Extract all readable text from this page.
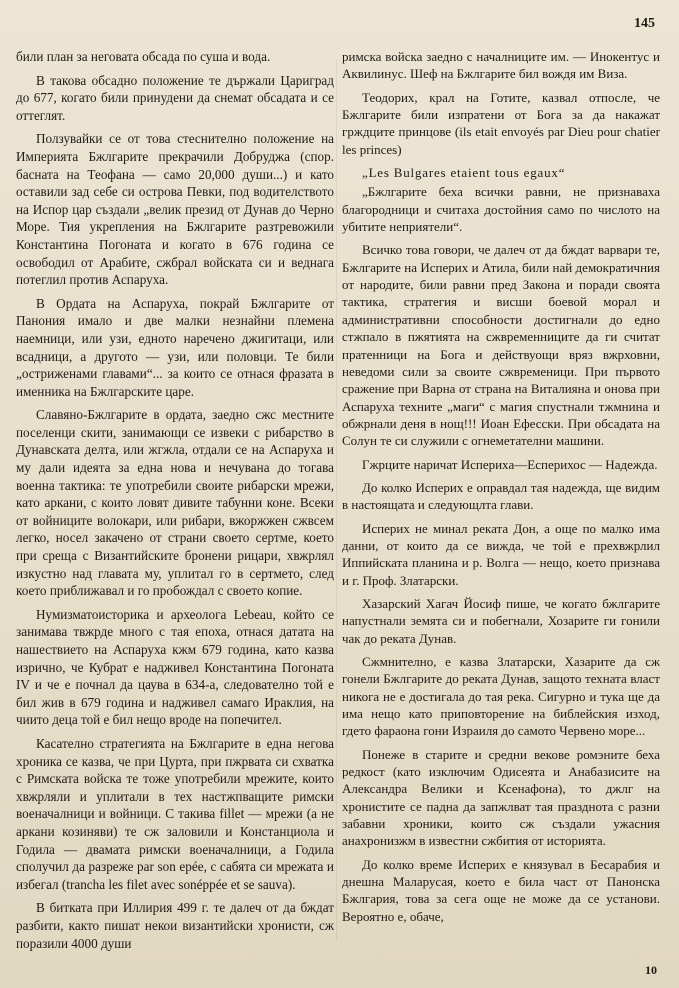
145

били план за неговата обсада по суша и вода.

В такова обсадно положение те държали Цариград до 677, когато били принудени да снемат обсадата и се оттеглят.

Ползувайки се от това стеснително положение на Империята Бжлгарите прекрачили Добруджа (спор. басната на Теофана — само 20,000 души...) и като оставили зад себе си острова Певки, под водителството на Испор цар създали „велик презид от Дунав до Черно Море. Тия укрепления на Бжлгарите разтревожили Константина Погоната и когато в 676 година се освободил от Арабите, сжбрал войската си и веднага потеглил против Аспаруха.

В Ордата на Аспаруха, покрай Бжлгарите от Панония имало и две малки незнайни племена наемници, или узи, едното наречено джигитаци, или всадници, а другото — узи, или половци. Те били „остриженами главами“... за които се отнася фразата в именника на Бжлгарските царе.

Славяно-Бжлгарите в ордата, заедно сжс местните поселенци скити, занимающи се извеки с рибарство в Дунавската делта, или жгжла, отдали се на Аспаруха и му дали идеята за една нова и нечувана до тогава военна тактика: те употребили своите рибарски мрежи, като аркани, с които ловят дивите табунни коне. Всеки от войниците волокари, или рибари, вжоржжен сжвсем легко, носел закачено от страни своето сертме, което при среща с Византийските бронени рицари, хвжрлял изкустно над главата му, уплитал го в сертмето, след което приближавал и го пробождал с своето копие.

Нумизматоисторика и археолога Lebeau, който се занимава твжрде много с тая епоха, отнася датата на нашествието на Аспаруха кжм 679 година, като казва изрично, че Кубрат е надживел Константина Погоната IV и че е почнал да цаува в 634-а, следователно той е бил жив в 679 година и надживел самаго Ираклия, на чиито деца той е бил нещо вроде на попечител.

Касателно стратегията на Бжлгарите в една негова хроника се казва, че при Цурта, при пжрвата си схватка с Римската войска те тоже употребили мрежите, които хвжрляли и уплитали в тех настжпващите римски военачалници и войници. С такива fillet — мрежи (а не аркани козиняви) те сж заловили и Констанциола и Годила — двамата римски военачалници, а Годила сполучил да разреже par son epée, с сабята си мрежата и избегал (trancha les filet avec sonéppée et se sauva).

В битката при Иллирия 499 г. те далеч от да бждат разбити, както пишат некои византийски хронисти, сж поразили 4000 души

римска войска заедно с началниците им. — Инокентус и Аквилинус. Шеф на Бжлгарите бил вождя им Виза.

Теодорих, крал на Готите, казвал отпосле, че Бжлгарите били изпратени от Бога за да накажат грждците принцове (ils etait envoyés par Dieu pour chatier les princes)

„Les Bulgares etaient tous egaux“

„Бжлгарите беха всички равни, не признаваха благородници и считаха достойния само по числото на убитите неприятели“.

Всичко това говори, че далеч от да бждат варвари те, Бжлгарите на Исперих и Атила, били най демократичния от народите, били равни пред Закона и поради своята тактика, стратегия и висши боевой морал и административни способности достигнали до едно стжпало в пжятията на сжвременниците да ги считат пратенници на Бога и действуощи вряз вжрховни, неведоми сили за своите сжвременици. При първото сражение при Варна от страна на Виталияна и онова при Аспаруха техните „маги“ с магия спустнали тжмнина и обжрнали деня в нощ!!! Иоан Ефесски. При обсадата на Солун те си служили с огнеметателни машини.

Гжрците наричат Исперихa—Есперихос — Надежда.

До колко Исперих е оправдал тая надежда, ще видим в настоящата и следующлта глави.

Исперих не минал реката Дон, а още по малко има данни, от които да се вижда, че той е прехвжрлил Иппийската планина и р. Волга — нещо, което признава и г. Проф. Златарски.

Хазарский Хагач Йосиф пише, че когато бжлгарите напустнали земята си и побегнали, Хозарите ги гонили чак до реката Дунав.

Сжмнително, е казва Златарски, Хазарите да сж гонели Бжлгарите до реката Дунав, защото техната власт никога не е достигала до тая река. Сигурно и тука ще да има нещо като приповторение на библейския изход, гдето фараона гони Израиля до самото Червено море...

Понеже в старите и средни векове ромэните беха редкост (като изключим Одисеята и Анабазисите на Александра Велики и Ксенафона), то джлг на хронистите се падна да запжлват тая празднота с разни забавни хроники, които сж създали ужасния анахронизжм в известни сжбития от историята.

До колко време Исперих е князувал в Бесарабия и днешна Маларусая, което е била част от Панонска Бжлгария, това за сега още не може да се установи. Вероятно е, обаче,

10
